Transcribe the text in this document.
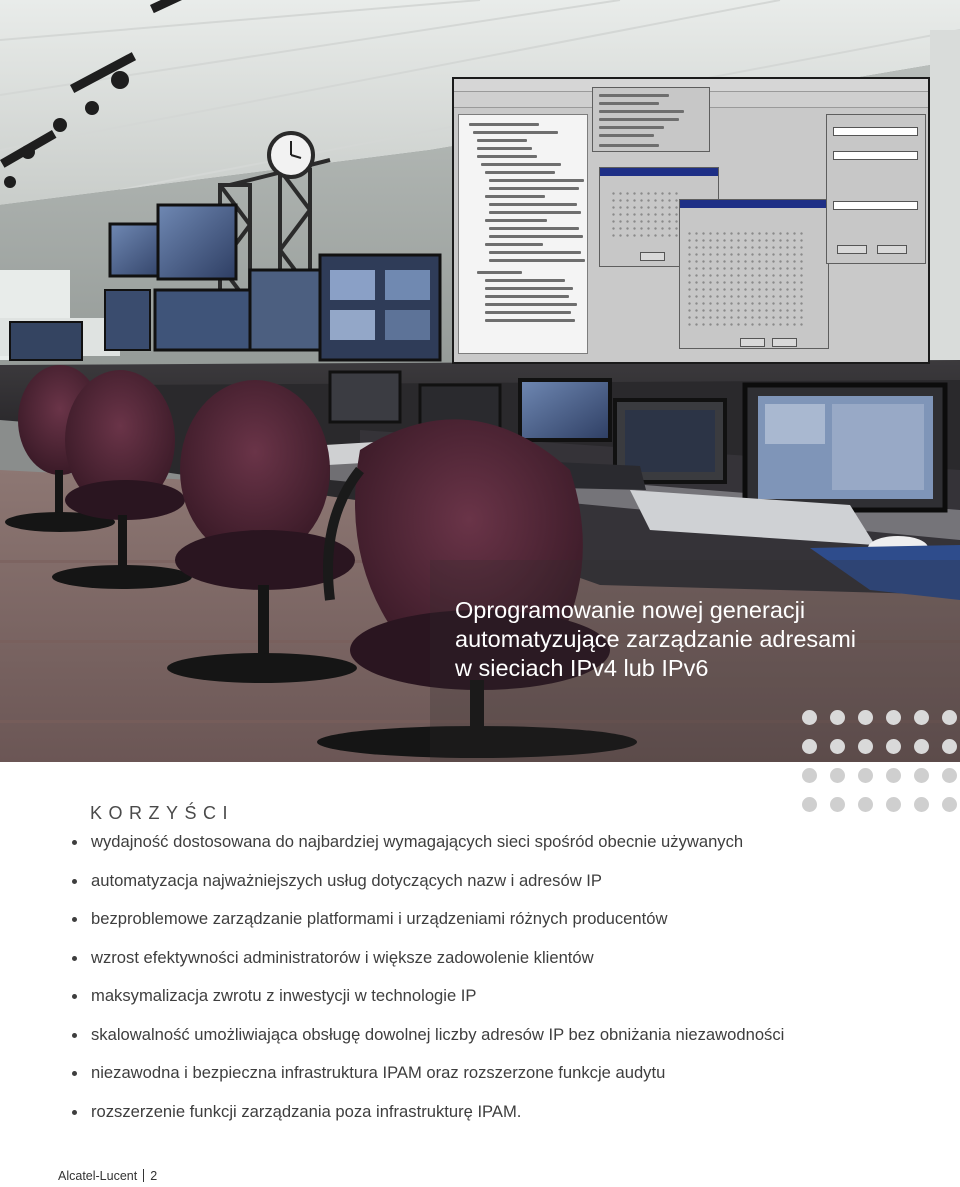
Oprogramowanie nowej generacji
automatyzujące zarządzanie adresami
w sieciach IPv4 lub IPv6
KORZYŚCI
wydajność dostosowana do najbardziej wymagających sieci spośród obecnie używanych
automatyzacja najważniejszych usług dotyczących nazw i adresów IP
bezproblemowe zarządzanie platformami i urządzeniami różnych producentów
wzrost efektywności administratorów i większe zadowolenie klientów
maksymalizacja zwrotu z inwestycji w technologie IP
skalowalność umożliwiająca obsługę dowolnej liczby adresów IP bez obniżania niezawodności
niezawodna i bezpieczna infrastruktura IPAM oraz rozszerzone funkcje audytu
rozszerzenie funkcji zarządzania poza infrastrukturę IPAM.
Alcatel-Lucent 2
